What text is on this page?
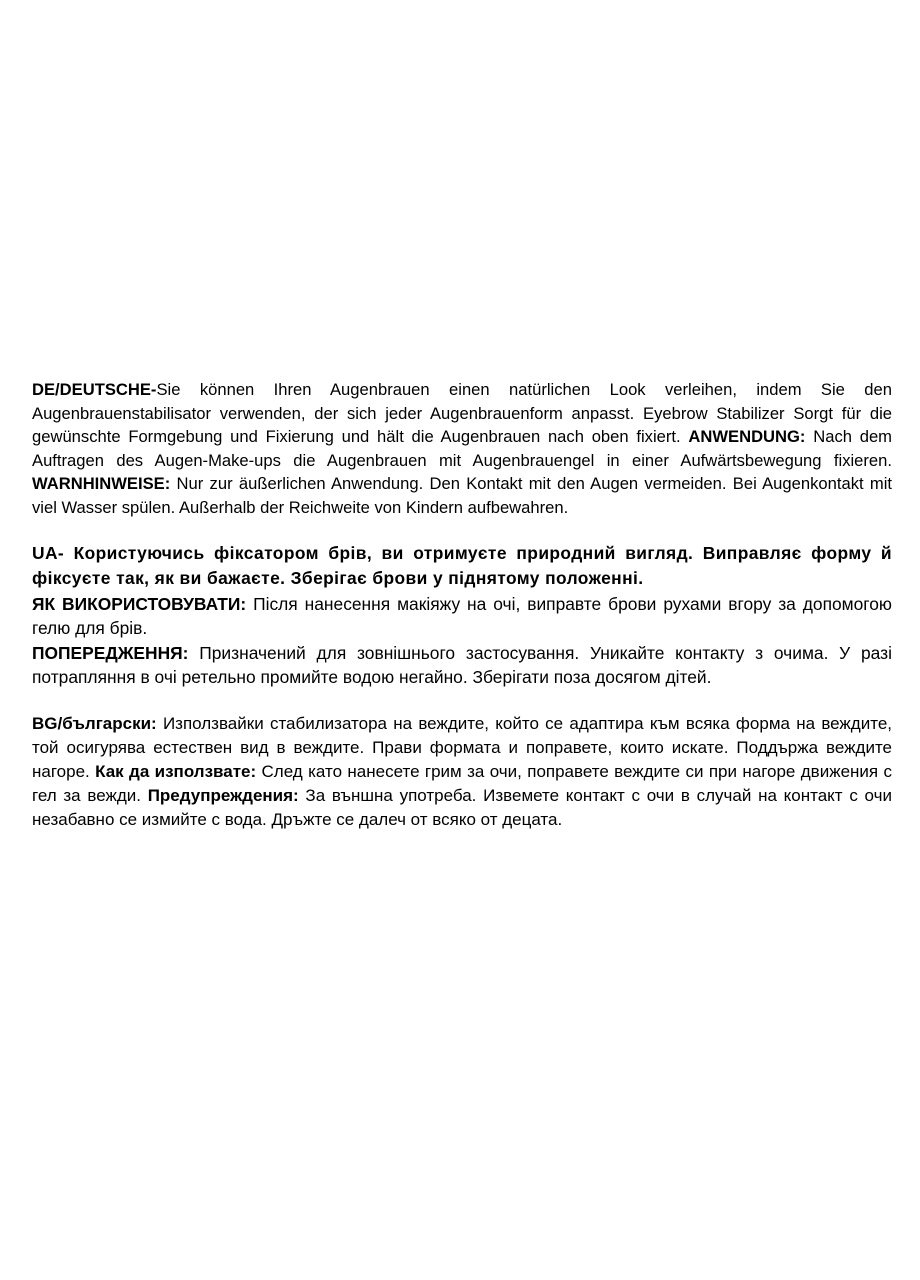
DE/DEUTSCHE-Sie können Ihren Augenbrauen einen natürlichen Look verleihen, indem Sie den Augenbrauenstabilisator verwenden, der sich jeder Augenbrauenform anpasst. Eyebrow Stabilizer Sorgt für die gewünschte Formgebung und Fixierung und hält die Augenbrauen nach oben fixiert. ANWENDUNG: Nach dem Auftragen des Augen-Make-ups die Augenbrauen mit Augenbrauengel in einer Aufwärtsbewegung fixieren. WARNHINWEISE: Nur zur äußerlichen Anwendung. Den Kontakt mit den Augen vermeiden. Bei Augenkontakt mit viel Wasser spülen. Außerhalb der Reichweite von Kindern aufbewahren.
UA- Користуючись фіксатором брів, ви отримуєте природний вигляд. Виправляє форму й фіксуєте так, як ви бажаєте. Зберігає брови у піднятому положенні.
ЯК ВИКОРИСТОВУВАТИ: Після нанесення макіяжу на очі, виправте брови рухами вгору за допомогою гелю для брів.
ПОПЕРЕДЖЕННЯ: Призначений для зовнішнього застосування. Уникайте контакту з очима. У разі потрапляння в очі ретельно промийте водою негайно. Зберігати поза досягом дітей.
BG/български: Използвайки стабилизатора на веждите, който се адаптира към всяка форма на веждите, той осигурява естествен вид в веждите. Прави формата и поправете, които искате. Поддържа веждите нагоре. Как да използвате: След като нанесете грим за очи, поправете веждите си при нагоре движения с гел за вежди. Предупреждения: За външна употреба. Извемете контакт с очи в случай на контакт с очи незабавно се измийте с вода. Дръжте се далеч от всяко от децата.
